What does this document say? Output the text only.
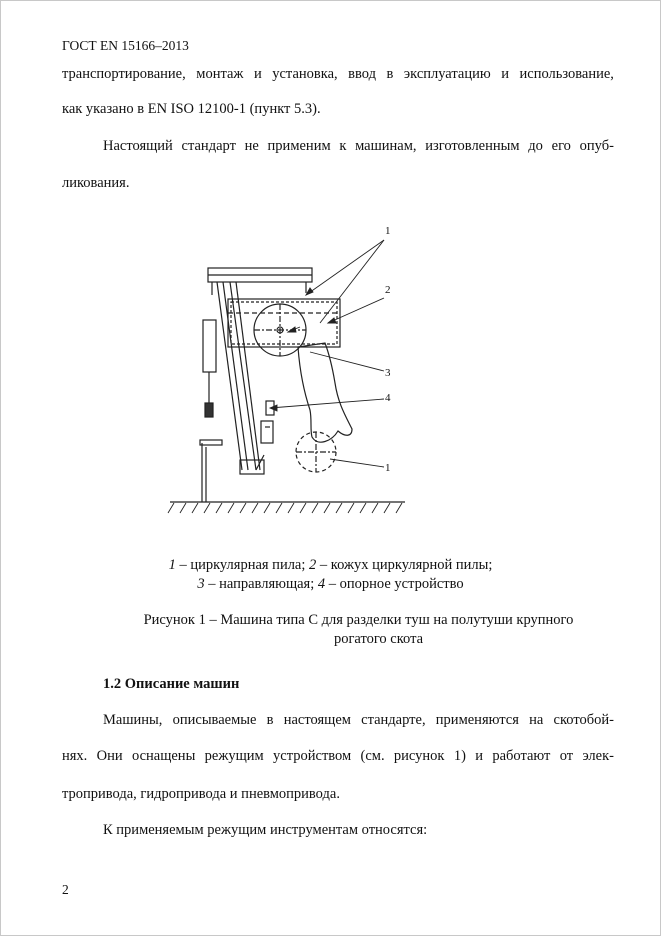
ГОСТ EN 15166–2013
транспортирование, монтаж и установка, ввод в эксплуатацию и использование,
как указано в EN ISO 12100-1 (пункт 5.3).
Настоящий стандарт не применим к машинам, изготовленным до его опуб-
ликования.
1
2
3
4
1
1 – циркулярная пила; 2 – кожух циркулярной пилы;
3 – направляющая; 4 – опорное устройство
Рисунок 1 – Машина типа С для разделки туш на полутуши крупного
рогатого скота
1.2 Описание машин
Машины, описываемые в настоящем стандарте, применяются на скотобой-
нях. Они оснащены режущим устройством (см. рисунок 1) и работают от элек-
тропривода, гидропривода и пневмопривода.
К применяемым режущим инструментам относятся:
2
